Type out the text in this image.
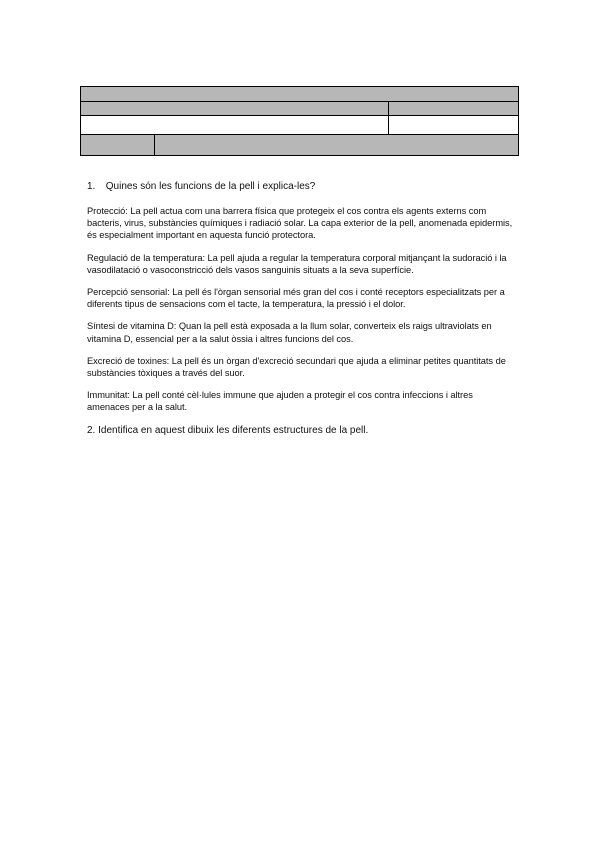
1. Quines són les funcions de la pell i explica-les?

Protecció: La pell actua com una barrera física que protegeix el cos contra els agents externs com bacteris, virus, substàncies químiques i radiació solar. La capa exterior de la pell, anomenada epidermis, és especialment important en aquesta funció protectora.

Regulació de la temperatura: La pell ajuda a regular la temperatura corporal mitjançant la sudoració i la vasodilatació o vasoconstricció dels vasos sanguinis situats a la seva superfície.

Percepció sensorial: La pell és l'òrgan sensorial més gran del cos i conté receptors especialitzats per a diferents tipus de sensacions com el tacte, la temperatura, la pressió i el dolor.

Síntesi de vitamina D: Quan la pell està exposada a la llum solar, converteix els raigs ultraviolats en vitamina D, essencial per a la salut òssia i altres funcions del cos.

Excreció de toxines: La pell és un òrgan d'excreció secundari que ajuda a eliminar petites quantitats de substàncies tòxiques a través del suor.

Immunitat: La pell conté cèl·lules immune que ajuden a protegir el cos contra infeccions i altres amenaces per a la salut.

2. Identifica en aquest dibuix les diferents estructures de la pell.
